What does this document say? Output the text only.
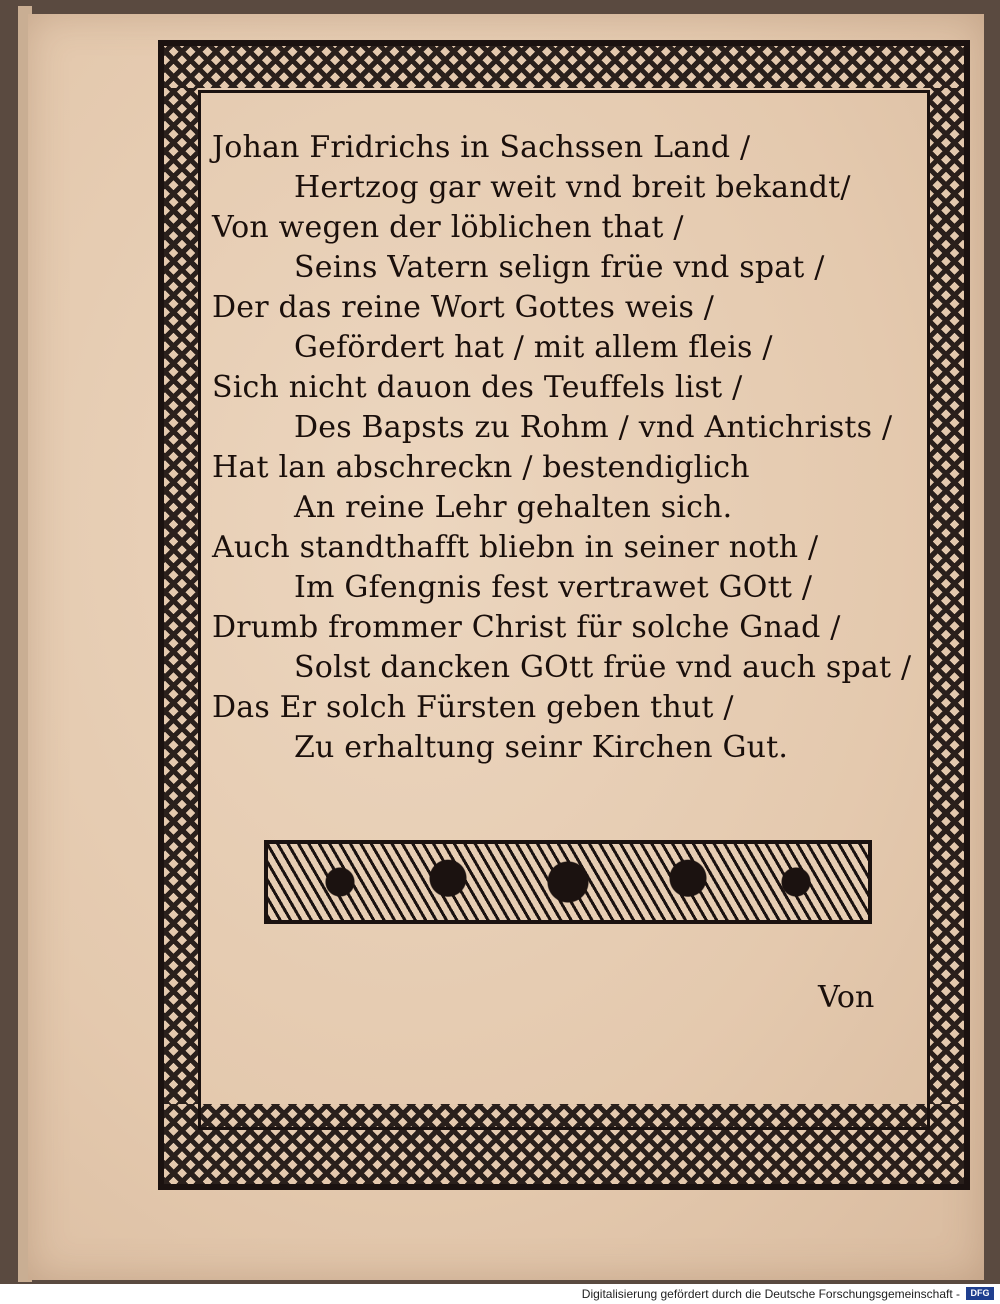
Johan Fridrichs in Sachssen Land /
Hertzog gar weit vnd breit bekandt/
Von wegen der löblichen that /
Seins Vatern selign früe vnd spat /
Der das reine Wort Gottes weis /
Gefördert hat / mit allem fleis /
Sich nicht dauon des Teuffels list /
Des Bapsts zu Rohm / vnd Antichrists /
Hat lan abschreckn / bestendiglich
An reine Lehr gehalten sich.
Auch standthafft bliebn in seiner noth /
Im Gfengnis fest vertrawet GOtt /
Drumb frommer Christ für solche Gnad /
Solst dancken GOtt früe vnd auch spat /
Das Er solch Fürsten geben thut /
Zu erhaltung seinr Kirchen Gut.
Von
Digitalisierung gefördert durch die Deutsche Forschungsgemeinschaft -	DFG
